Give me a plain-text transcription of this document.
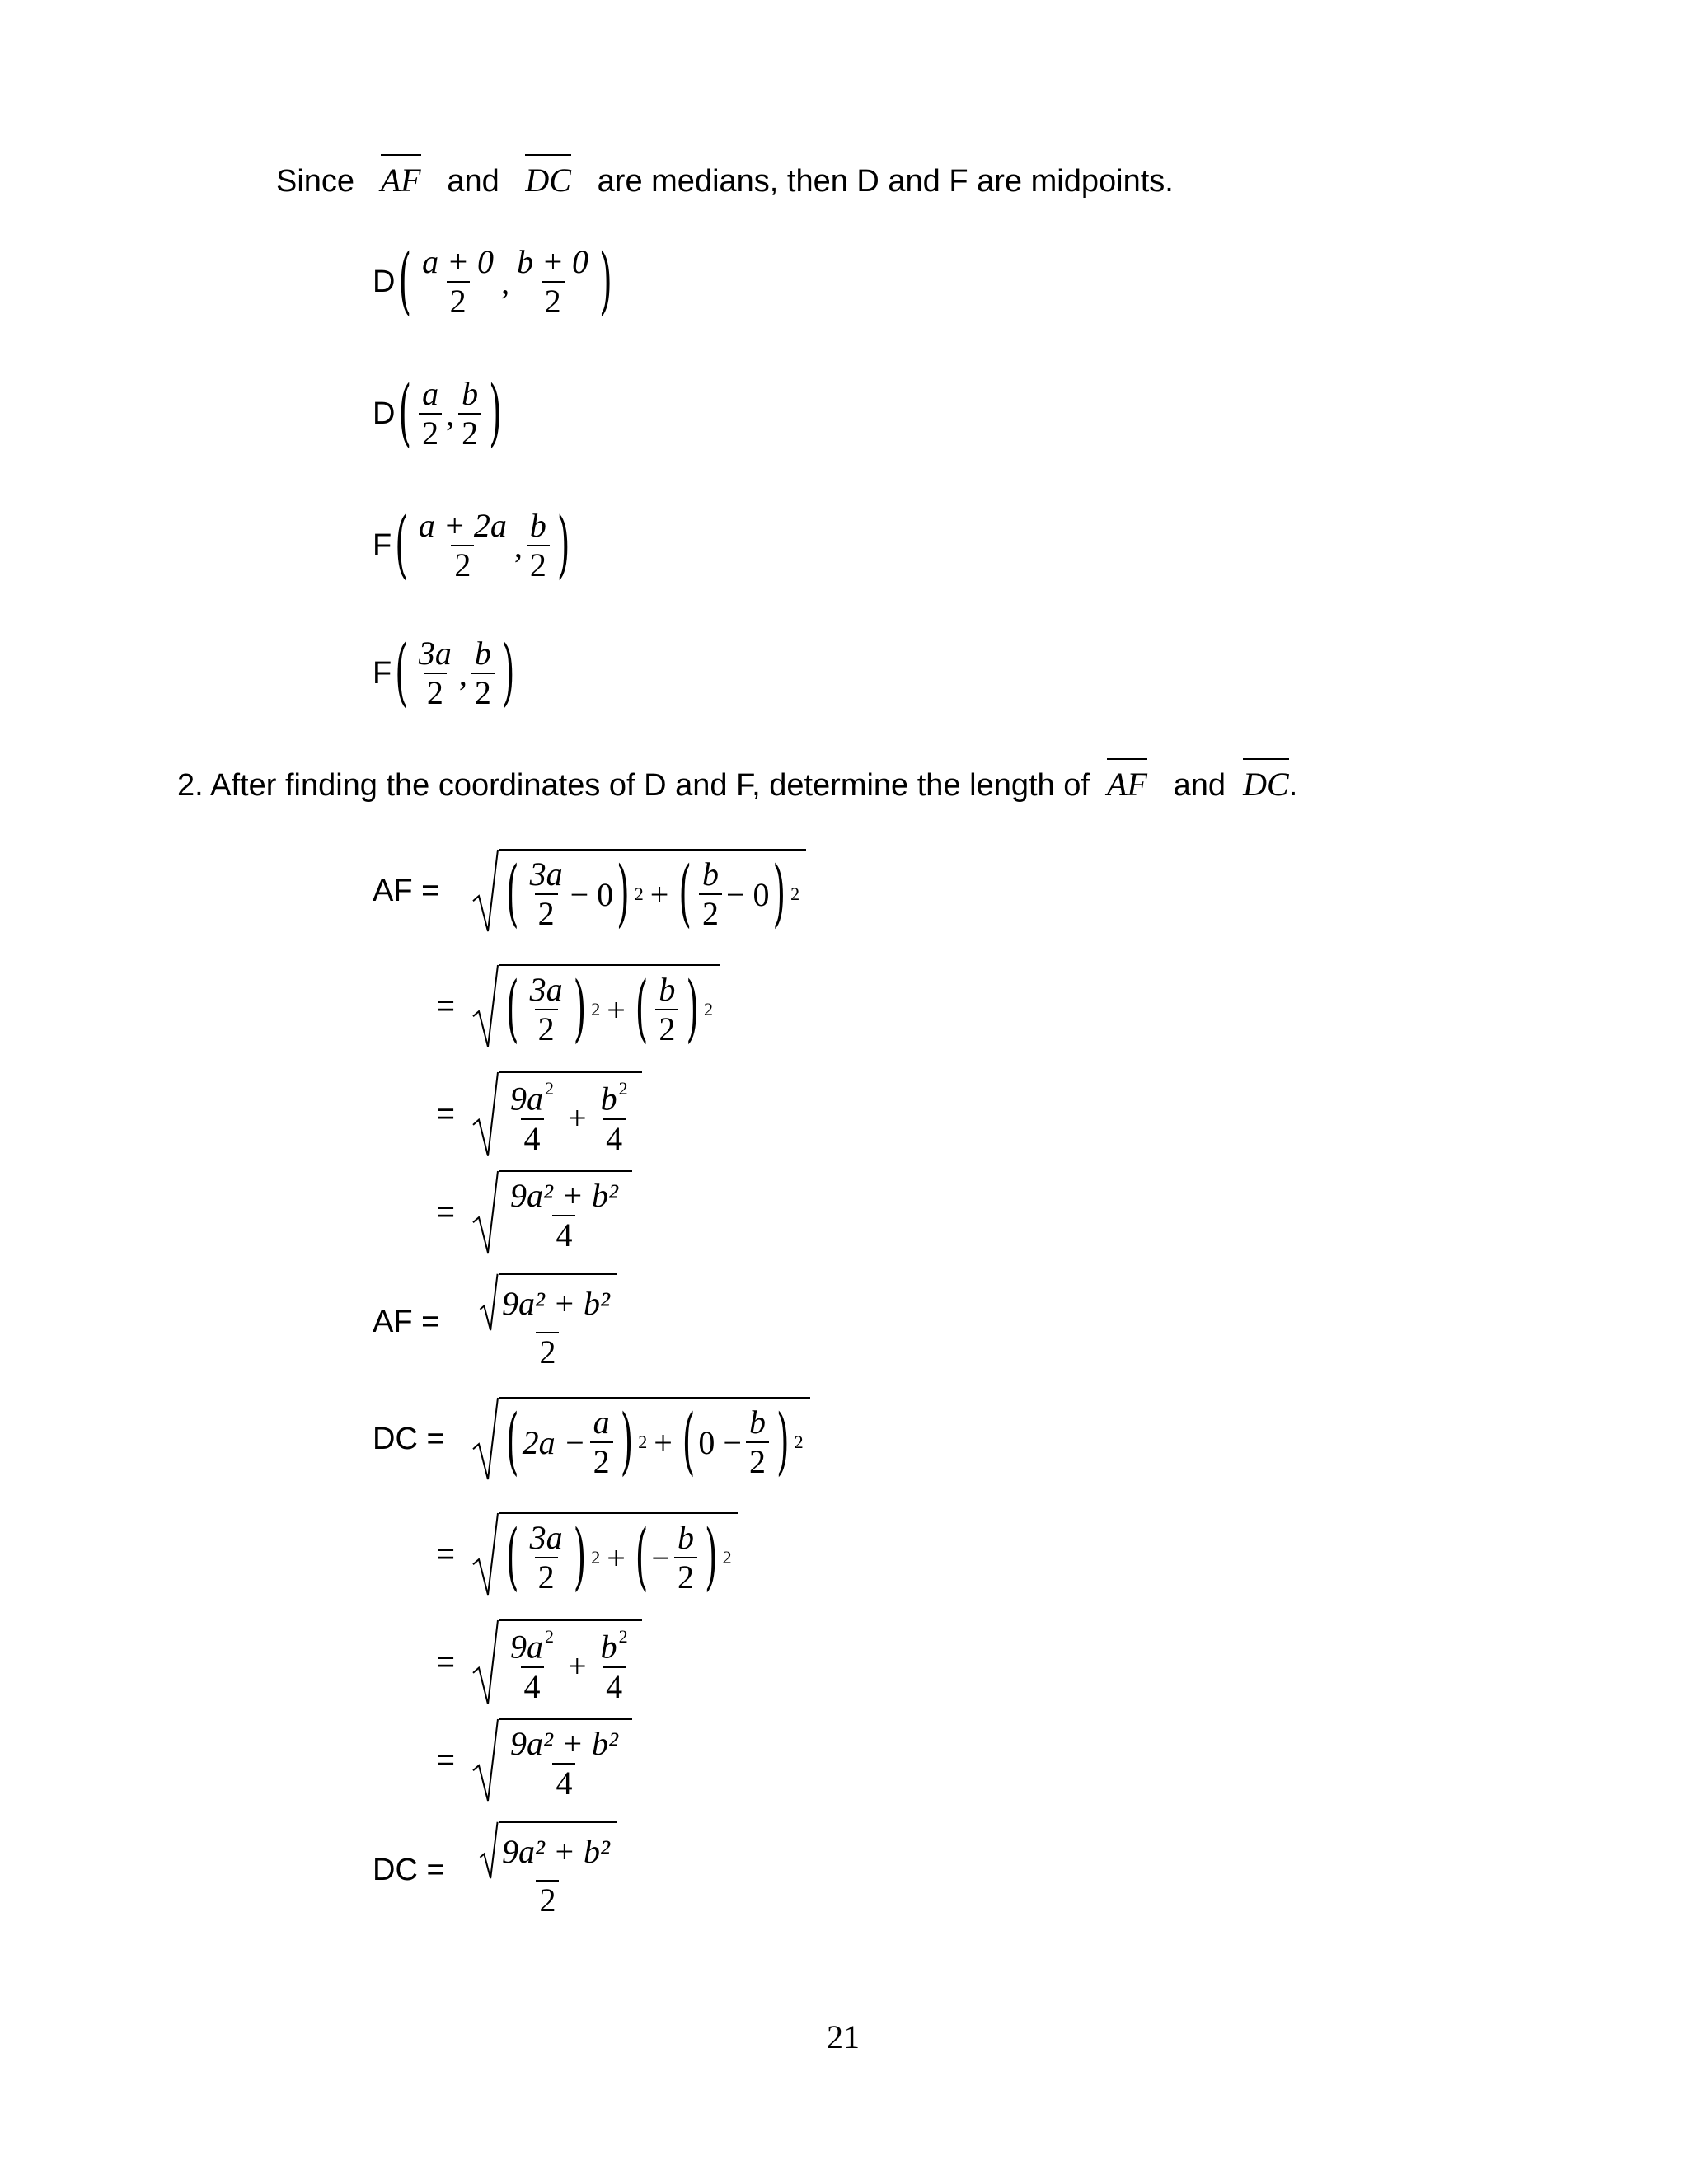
Since AF and DC are medians, then D and F are midpoints.
D ( $\frac{a + 0}{2}$ , $\frac{b + 0}{2}$ )
D ( $\frac{a}{2}$ , $\frac{b}{2}$ )
F ( $\frac{a + 2a}{2}$ , $\frac{b}{2}$ )
F ( $\frac{3a}{2}$ , $\frac{b}{2}$ )
2. After finding the coordinates of D and F, determine the length of AF and DC.
AF =	( $\frac{3a}{2} - 0$ ) 2 + ( $\frac{b}{2} - 0$ ) 2
=	( $\frac{3a}{2}$ ) 2 + ( $\frac{b}{2}$ ) 2
=	$\frac{9a^2}{4} + \frac{b^2}{4}$
=	$\frac{\text{9a² + b²}}{4}$
AF =	$\frac{\text{9a² + b²}}{2}$
DC =	( $2a - \frac{a}{2}$ ) 2 + ( $0 - \frac{b}{2}$ ) 2
=	( $\frac{3a}{2}$ ) 2 + ( − $\frac{b}{2}$ ) 2
=	$\frac{9a^2}{4} + \frac{b^2}{4}$
=	$\frac{\text{9a² + b²}}{4}$
DC = $\frac{\text{9a² + b²}}{2}$
21
